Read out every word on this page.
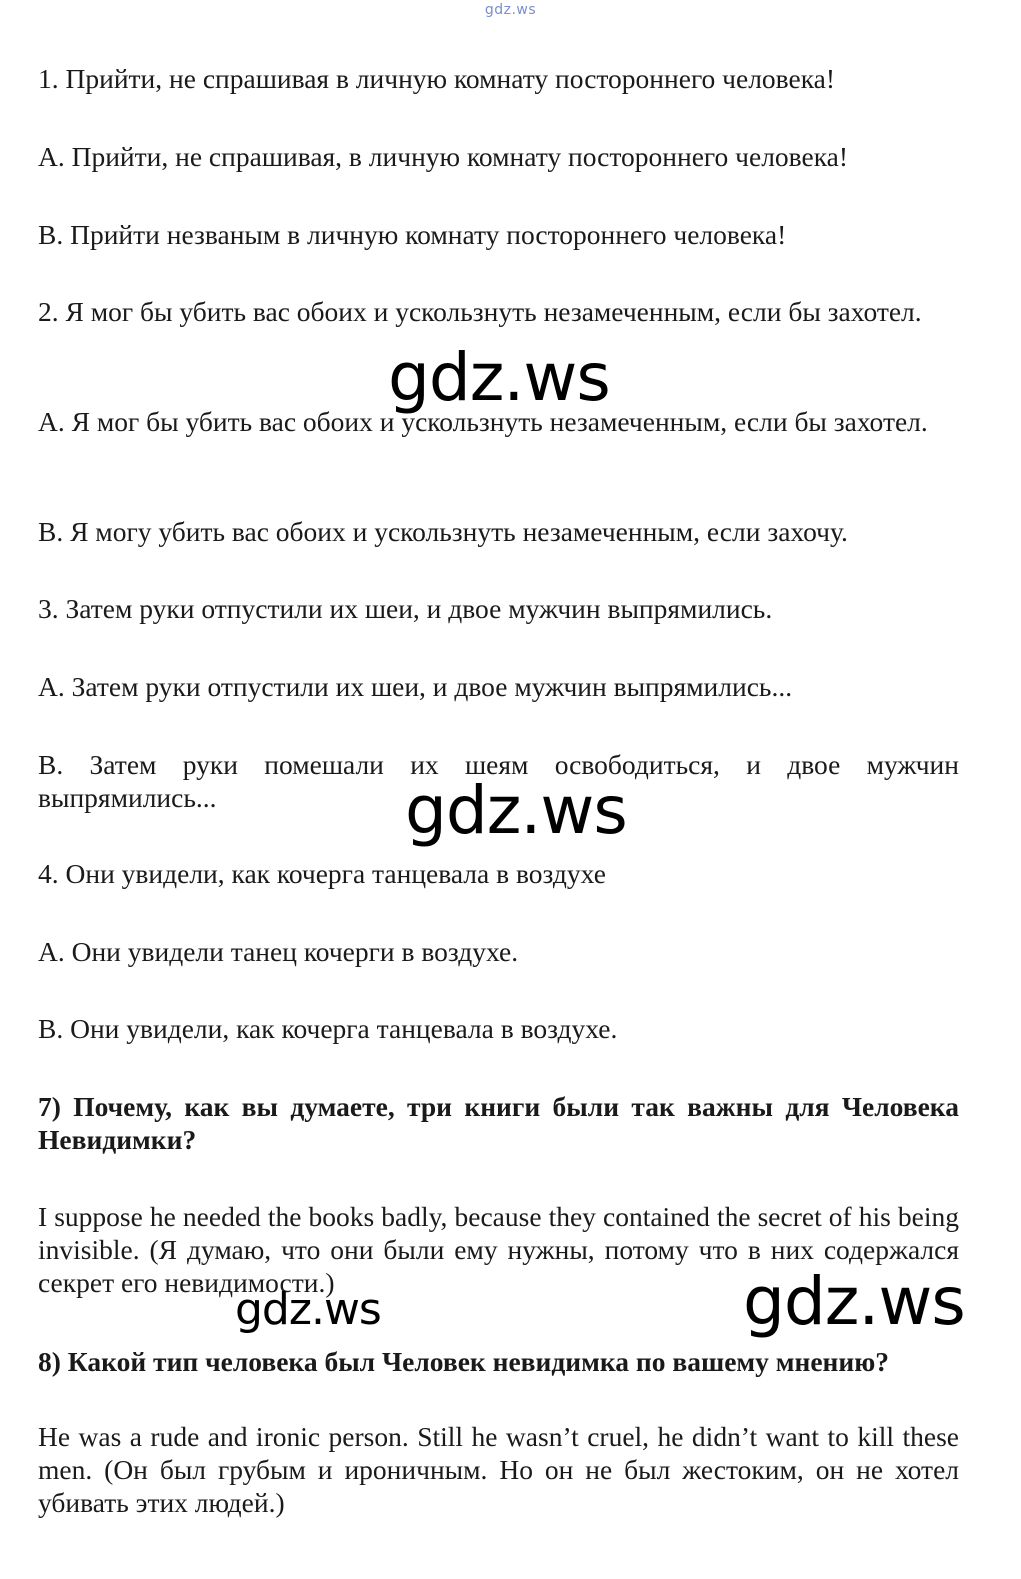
gdz.ws

1. Прийти, не спрашивая в личную комнату постороннего человека!

А. Прийти, не спрашивая, в личную комнату постороннего человека!

В. Прийти незваным в личную комнату постороннего человека!

2. Я мог бы убить вас обоих и ускользнуть незамеченным, если бы захотел.

А. Я мог бы убить вас обоих и ускользнуть незамеченным, если бы захотел.

В. Я могу убить вас обоих и ускользнуть незамеченным, если захочу.

3. Затем руки отпустили их шеи, и двое мужчин выпрямились.

А. Затем руки отпустили их шеи, и двое мужчин выпрямились...

В. Затем руки помешали их шеям освободиться, и двое мужчин выпрямились...

4. Они увидели, как кочерга танцевала в воздухе

А. Они увидели танец кочерги в воздухе.

В. Они увидели, как кочерга танцевала в воздухе.

7) Почему, как вы думаете, три книги были так важны для Человека Невидимки?

I suppose he needed the books badly, because they contained the secret of his being invisible. (Я думаю, что они были ему нужны, потому что в них содержался секрет его невидимости.)

8) Какой тип человека был Человек невидимка по вашему мнению?

He was a rude and ironic person. Still he wasn’t cruel, he didn’t want to kill these men. (Он был грубым и ироничным. Но он не был жестоким, он не хотел убивать этих людей.)

gdz.ws
gdz.ws
gdz.ws	gdz.ws
